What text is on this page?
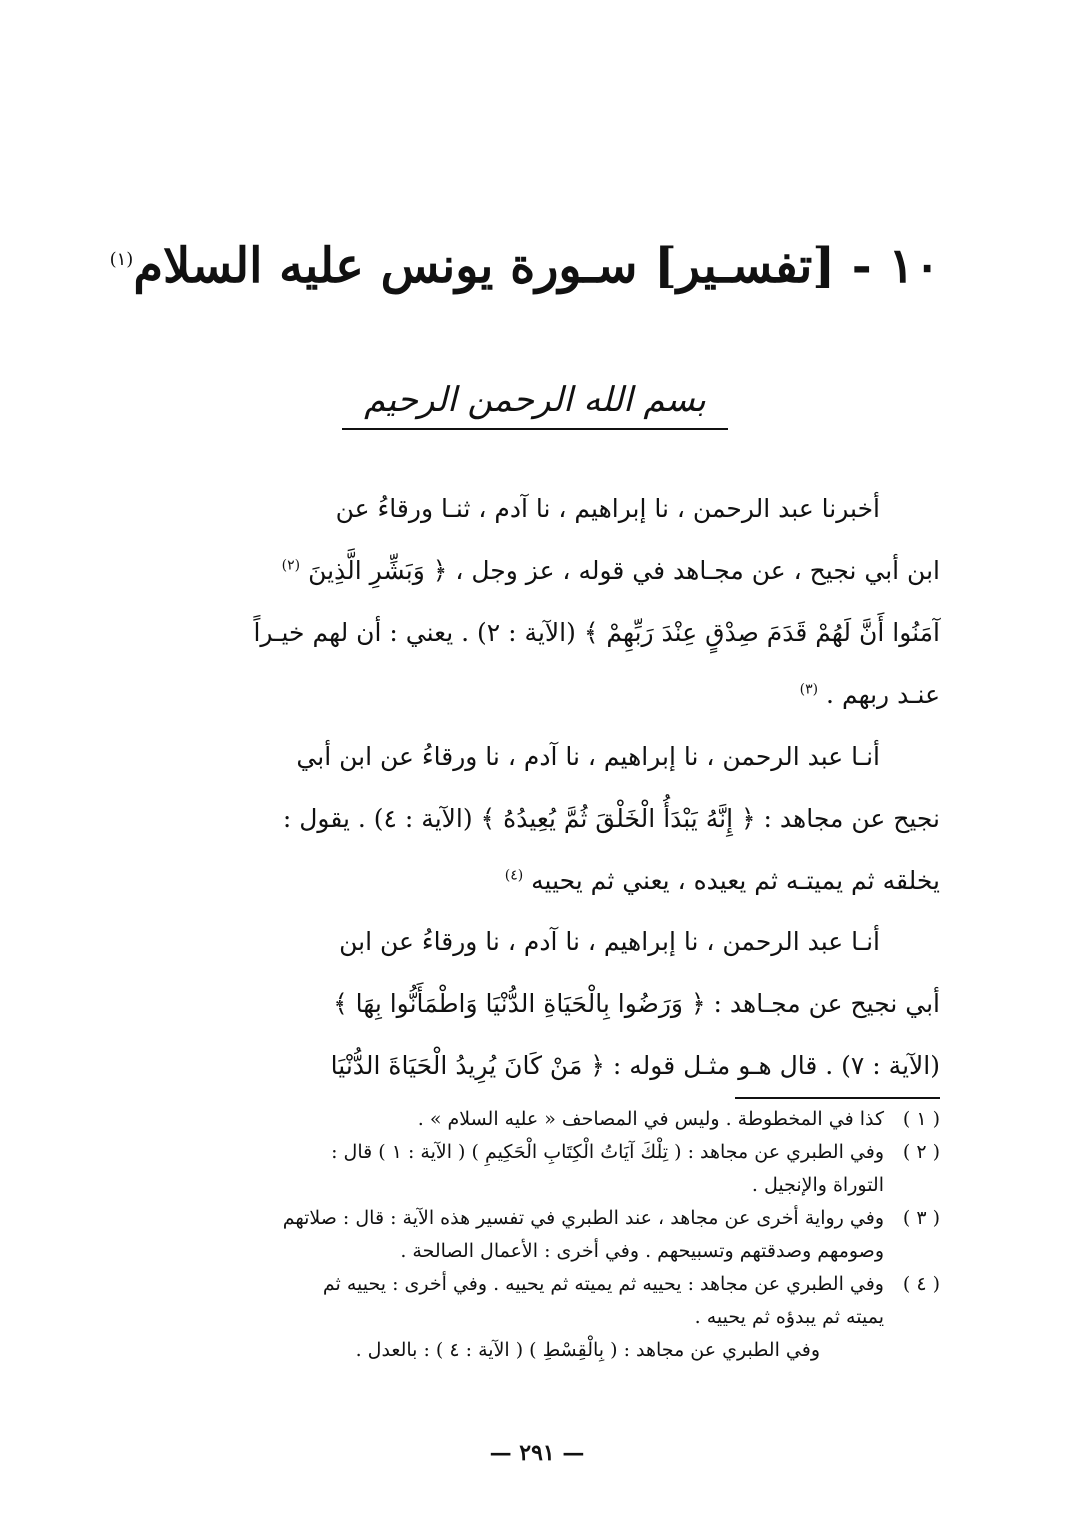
١٠ - [تفسـير] سـورة يونس عليه السلام$^{(١)}$
بسم الله الرحمن الرحيم
أخبرنا عبد الرحمن ، نا إبراهيم ، نا آدم ، ثنـا ورقاءُ عن
ابن أبي نجيح ، عن مجـاهد في قوله ، عز وجل ، ﴿ وَبَشِّرِ الَّذِينَ $^{(٢)}$
آمَنُوا أَنَّ لَهُمْ قَدَمَ صِدْقٍ عِنْدَ رَبِّهِمْ ﴾ (الآية : ٢) . يعني : أن لهم خيـراً
عنـد ربهم . $^{(٣)}$
أنـا عبد الرحمن ، نا إبراهيم ، نا آدم ، نا ورقاءُ عن ابن أبي
نجيح عن مجاهد : ﴿ إِنَّهُ يَبْدَأُ الْخَلْقَ ثُمَّ يُعِيدُهُ ﴾ (الآية : ٤) . يقول :
يخلقه ثم يميتـه ثم يعيده ، يعني ثم يحييه $^{(٤)}$
أنـا عبد الرحمن ، نا إبراهيم ، نا آدم ، نا ورقاءُ عن ابن
أبي نجيح عن مجـاهد : ﴿ وَرَضُوا بِالْحَيَاةِ الدُّنْيَا وَاطْمَأَنُّوا بِهَا ﴾
(الآية : ٧) . قال هـو مثـل قوله : ﴿ مَنْ كَانَ يُرِيدُ الْحَيَاةَ الدُّنْيَا
( ١ )
كذا في المخطوطة . وليس في المصاحف « عليه السلام » .
( ٢ )
وفي الطبري عن مجاهد : ( تِلْكَ آيَاتُ الْكِتَابِ الْحَكِيمِ ) ( الآية : ١ ) قال :
التوراة والإنجيل .
( ٣ )
وفي رواية أخرى عن مجاهد ، عند الطبري في تفسير هذه الآية : قال : صلاتهم
وصومهم وصدقتهم وتسبيحهم . وفي أخرى : الأعمال الصالحة .
( ٤ )
وفي الطبري عن مجاهد : يحييه ثم يميته ثم يحييه . وفي أخرى : يحييه ثم
يميته ثم يبدؤه ثم يحييه .
وفي الطبري عن مجاهد : ( بِالْقِسْطِ ) ( الآية : ٤ ) : بالعدل .
— ٢٩١ —
